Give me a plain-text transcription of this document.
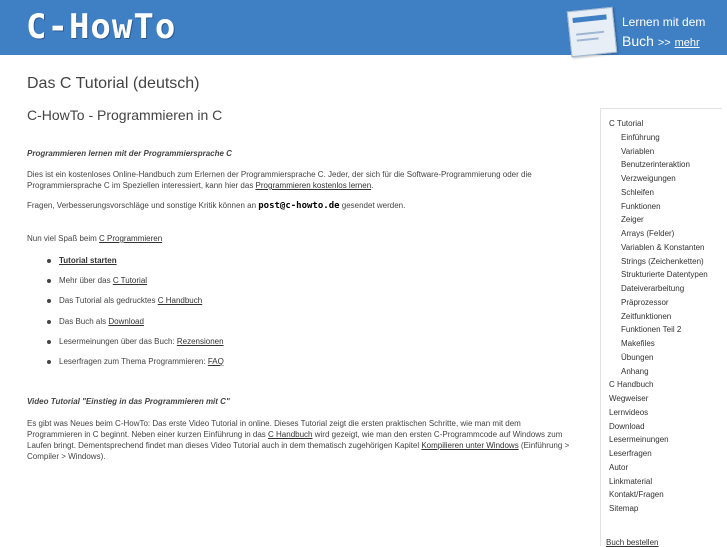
C-HowTo	Lernen mit dem
Buch >> mehr
Das C Tutorial (deutsch)
C-HowTo - Programmieren in C
Programmieren lernen mit der Programmiersprache C
Dies ist ein kostenloses Online-Handbuch zum Erlernen der Programmiersprache C. Jeder, der sich für die Software-Programmierung oder die Programmiersprache C im Speziellen interessiert, kann hier das Programmieren kostenlos lernen.
Fragen, Verbesserungsvorschläge und sonstige Kritik können an post@c-howto.de gesendet werden.
Nun viel Spaß beim C Programmieren
Tutorial starten
Mehr über das C Tutorial
Das Tutorial als gedrucktes C Handbuch
Das Buch als Download
Lesermeinungen über das Buch: Rezensionen
Leserfragen zum Thema Programmieren: FAQ
Video Tutorial "Einstieg in das Programmieren mit C"
Es gibt was Neues beim C-HowTo: Das erste Video Tutorial in online. Dieses Tutorial zeigt die ersten praktischen Schritte, wie man mit dem Programmieren in C beginnt. Neben einer kurzen Einführung in das C Handbuch wird gezeigt, wie man den ersten C-Programmcode auf Windows zum Laufen bringt. Dementsprechend findet man dieses Video Tutorial auch in dem thematisch zugehörigen Kapitel Kompilieren unter Windows (Einführung > Compiler > Windows).
C Tutorial
Einführung
Variablen
Benutzerinteraktion
Verzweigungen
Schleifen
Funktionen
Zeiger
Arrays (Felder)
Variablen & Konstanten
Strings (Zeichenketten)
Strukturierte Datentypen
Dateiverarbeitung
Präprozessor
Zeitfunktionen
Funktionen Teil 2
Makefiles
Übungen
Anhang
C Handbuch
Wegweiser
Lernvideos
Download
Lesermeinungen
Leserfragen
Autor
Linkmaterial
Kontakt/Fragen
Sitemap
Buch bestellen
